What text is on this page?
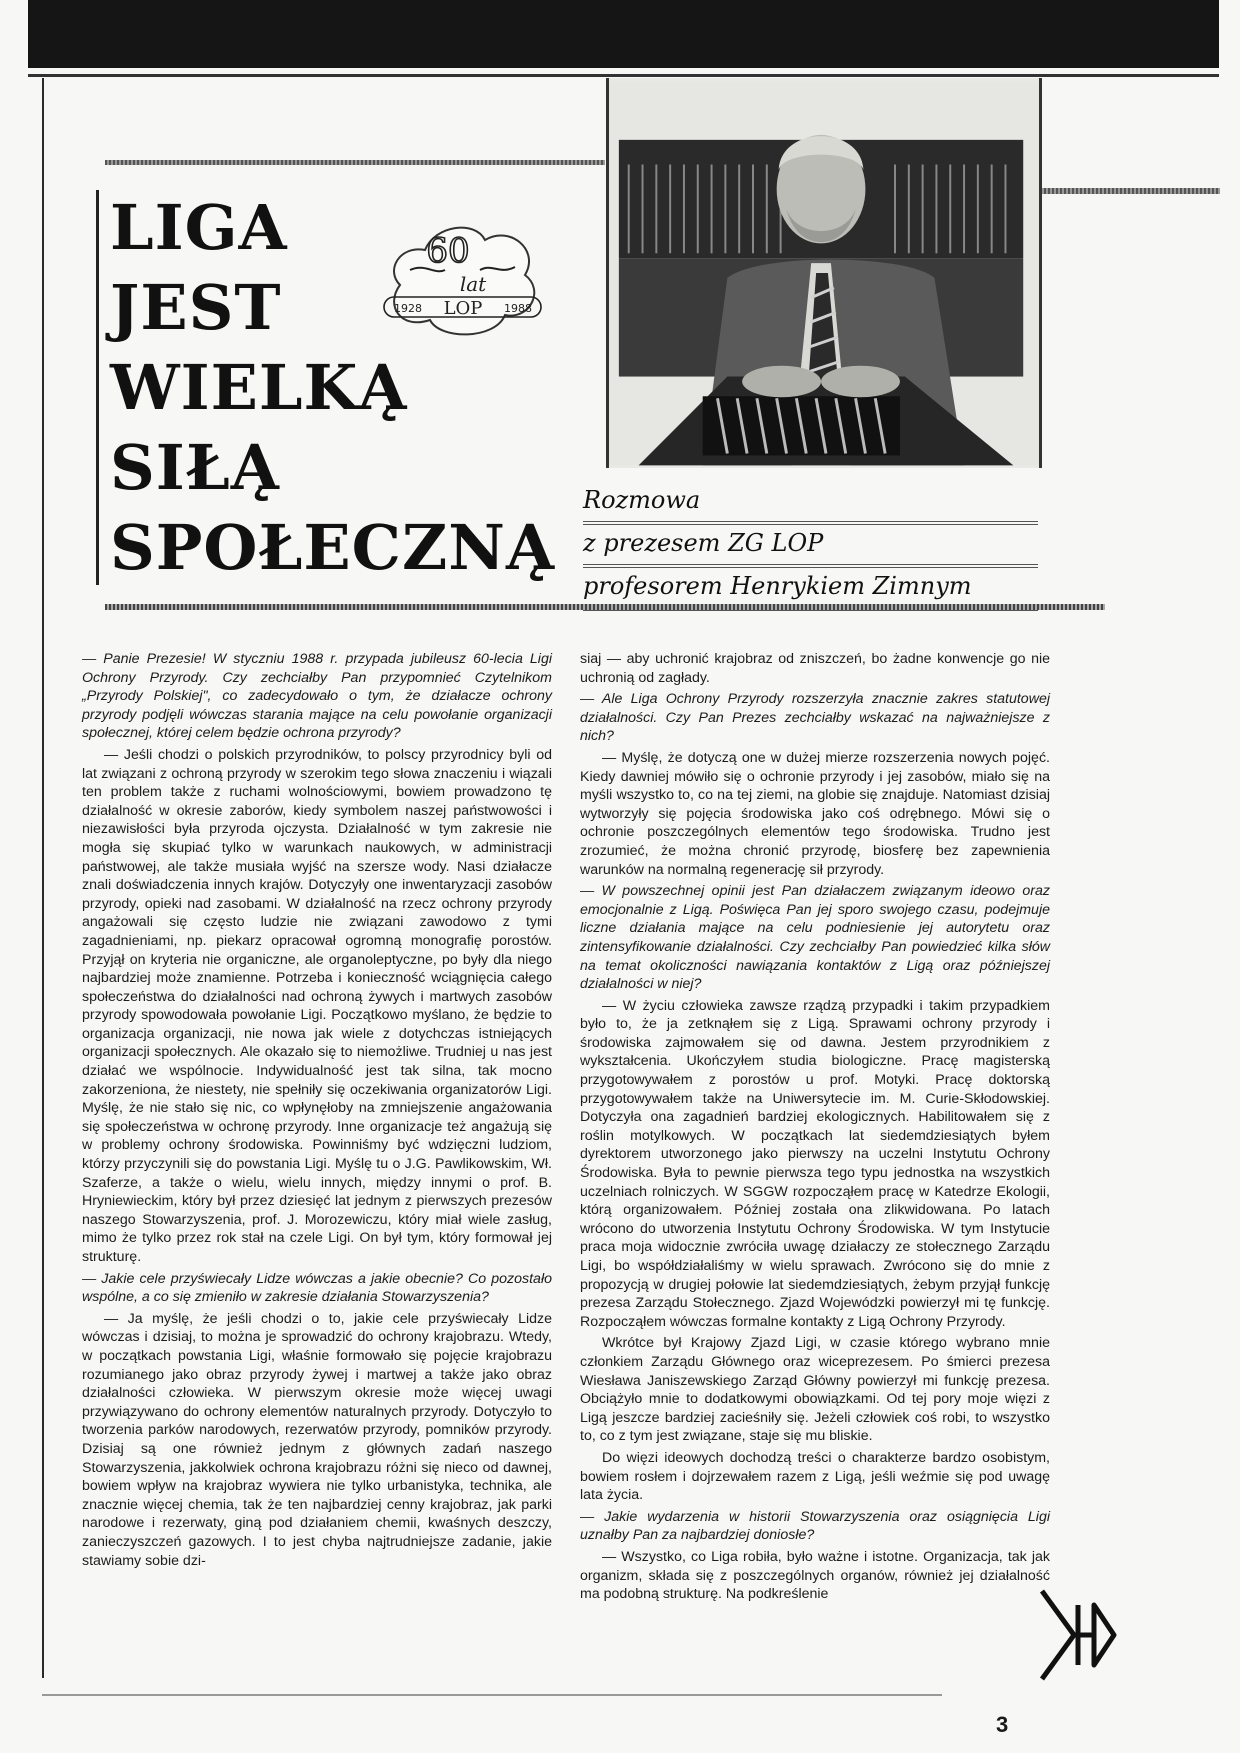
LIGA
JEST
WIELKĄ
SIŁĄ
SPOŁECZNĄ
60
lat
1928 LOP 1988
Rozmowa
z prezesem ZG LOP
profesorem Henrykiem Zimnym

— Panie Prezesie! W styczniu 1988 r. przypada jubileusz 60-lecia Ligi Ochrony Przyrody. Czy zechciałby Pan przypomnieć Czytelnikom „Przyrody Polskiej", co zadecydowało o tym, że działacze ochrony przyrody podjęli wówczas starania mające na celu powołanie organizacji społecznej, której celem będzie ochrona przyrody?

— Jeśli chodzi o polskich przyrodników, to polscy przyrodnicy byli od lat związani z ochroną przyrody w szerokim tego słowa znaczeniu i wiązali ten problem także z ruchami wolnościowymi, bowiem prowadzono tę działalność w okresie zaborów, kiedy symbolem naszej państwowości i niezawisłości była przyroda ojczysta. Działalność w tym zakresie nie mogła się skupiać tylko w warunkach naukowych, w administracji państwowej, ale także musiała wyjść na szersze wody. Nasi działacze znali doświadczenia innych krajów. Dotyczyły one inwentaryzacji zasobów przyrody, opieki nad zasobami. W działalność na rzecz ochrony przyrody angażowali się często ludzie nie związani zawodowo z tymi zagadnieniami, np. piekarz opracował ogromną monografię porostów. Przyjął on kryteria nie organiczne, ale organoleptyczne, po były dla niego najbardziej może znamienne. Potrzeba i konieczność wciągnięcia całego społeczeństwa do działalności nad ochroną żywych i martwych zasobów przyrody spowodowała powołanie Ligi. Początkowo myślano, że będzie to organizacja organizacji, nie nowa jak wiele z dotychczas istniejących organizacji społecznych. Ale okazało się to niemożliwe. Trudniej u nas jest działać we wspólnocie. Indywidualność jest tak silna, tak mocno zakorzeniona, że niestety, nie spełniły się oczekiwania organizatorów Ligi. Myślę, że nie stało się nic, co wpłynęłoby na zmniejszenie angażowania się społeczeństwa w ochronę przyrody. Inne organizacje też angażują się w problemy ochrony środowiska. Powinniśmy być wdzięczni ludziom, którzy przyczynili się do powstania Ligi. Myślę tu o J.G. Pawlikowskim, Wł. Szaferze, a także o wielu, wielu innych, między innymi o prof. B. Hryniewieckim, który był przez dziesięć lat jednym z pierwszych prezesów naszego Stowarzyszenia, prof. J. Morozewiczu, który miał wiele zasług, mimo że tylko przez rok stał na czele Ligi. On był tym, który formował jej strukturę.

— Jakie cele przyświecały Lidze wówczas a jakie obecnie? Co pozostało wspólne, a co się zmieniło w zakresie działania Stowarzyszenia?

— Ja myślę, że jeśli chodzi o to, jakie cele przyświecały Lidze wówczas i dzisiaj, to można je sprowadzić do ochrony krajobrazu. Wtedy, w początkach powstania Ligi, właśnie formowało się pojęcie krajobrazu rozumianego jako obraz przyrody żywej i martwej a także jako obraz działalności człowieka. W pierwszym okresie może więcej uwagi przywiązywano do ochrony elementów naturalnych przyrody. Dotyczyło to tworzenia parków narodowych, rezerwatów przyrody, pomników przyrody. Dzisiaj są one również jednym z głównych zadań naszego Stowarzyszenia, jakkolwiek ochrona krajobrazu różni się nieco od dawnej, bowiem wpływ na krajobraz wywiera nie tylko urbanistyka, technika, ale znacznie więcej chemia, tak że ten najbardziej cenny krajobraz, jak parki narodowe i rezerwaty, giną pod działaniem chemii, kwaśnych deszczy, zanieczyszczeń gazowych. I to jest chyba najtrudniejsze zadanie, jakie stawiamy sobie dzi-

siaj — aby uchronić krajobraz od zniszczeń, bo żadne konwencje go nie uchronią od zagłady.

— Ale Liga Ochrony Przyrody rozszerzyła znacznie zakres statutowej działalności. Czy Pan Prezes zechciałby wskazać na najważniejsze z nich?

— Myślę, że dotyczą one w dużej mierze rozszerzenia nowych pojęć. Kiedy dawniej mówiło się o ochronie przyrody i jej zasobów, miało się na myśli wszystko to, co na tej ziemi, na globie się znajduje. Natomiast dzisiaj wytworzyły się pojęcia środowiska jako coś odrębnego. Mówi się o ochronie poszczególnych elementów tego środowiska. Trudno jest zrozumieć, że można chronić przyrodę, biosferę bez zapewnienia warunków na normalną regenerację sił przyrody.

— W powszechnej opinii jest Pan działaczem związanym ideowo oraz emocjonalnie z Ligą. Poświęca Pan jej sporo swojego czasu, podejmuje liczne działania mające na celu podniesienie jej autorytetu oraz zintensyfikowanie działalności. Czy zechciałby Pan powiedzieć kilka słów na temat okoliczności nawiązania kontaktów z Ligą oraz późniejszej działalności w niej?

— W życiu człowieka zawsze rządzą przypadki i takim przypadkiem było to, że ja zetknąłem się z Ligą. Sprawami ochrony przyrody i środowiska zajmowałem się od dawna. Jestem przyrodnikiem z wykształcenia. Ukończyłem studia biologiczne. Pracę magisterską przygotowywałem z porostów u prof. Motyki. Pracę doktorską przygotowywałem także na Uniwersytecie im. M. Curie-Skłodowskiej. Dotyczyła ona zagadnień bardziej ekologicznych. Habilitowałem się z roślin motylkowych. W początkach lat siedemdziesiątych byłem dyrektorem utworzonego jako pierwszy na uczelni Instytutu Ochrony Środowiska. Była to pewnie pierwsza tego typu jednostka na wszystkich uczelniach rolniczych. W SGGW rozpocząłem pracę w Katedrze Ekologii, którą organizowałem. Później została ona zlikwidowana. Po latach wrócono do utworzenia Instytutu Ochrony Środowiska. W tym Instytucie praca moja widocznie zwróciła uwagę działaczy ze stołecznego Zarządu Ligi, bo współdziałaliśmy w wielu sprawach. Zwrócono się do mnie z propozycją w drugiej połowie lat siedemdziesiątych, żebym przyjął funkcję prezesa Zarządu Stołecznego. Zjazd Wojewódzki powierzył mi tę funkcję. Rozpocząłem wówczas formalne kontakty z Ligą Ochrony Przyrody.

Wkrótce był Krajowy Zjazd Ligi, w czasie którego wybrano mnie członkiem Zarządu Głównego oraz wiceprezesem. Po śmierci prezesa Wiesława Janiszewskiego Zarząd Główny powierzył mi funkcję prezesa. Obciążyło mnie to dodatkowymi obowiązkami. Od tej pory moje więzi z Ligą jeszcze bardziej zacieśniły się. Jeżeli człowiek coś robi, to wszystko to, co z tym jest związane, staje się mu bliskie.

Do więzi ideowych dochodzą treści o charakterze bardzo osobistym, bowiem rosłem i dojrzewałem razem z Ligą, jeśli weźmie się pod uwagę lata życia.

— Jakie wydarzenia w historii Stowarzyszenia oraz osiągnięcia Ligi uznałby Pan za najbardziej doniosłe?

— Wszystko, co Liga robiła, było ważne i istotne. Organizacja, tak jak organizm, składa się z poszczególnych organów, również jej działalność ma podobną strukturę. Na podkreślenie

3
